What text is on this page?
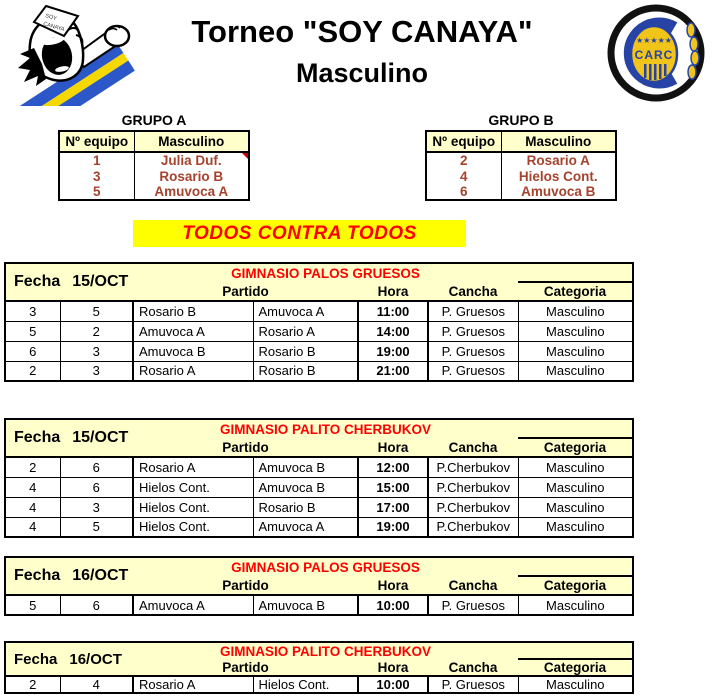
SOY
CANAYA	Torneo "SOY CANAYA"
Masculino
★★★★★
CARC
GRUPO A
Nº equipo	Masculino
1	Julia Duf.
3	Rosario B
5	Amuvoca A
GRUPO B
Nº equipo	Masculino
2	Rosario A
4	Hielos Cont.
6	Amuvoca B
TODOS CONTRA TODOS
Fecha 15/OCT		GIMNASIO PALOS GRUESOS				
		Partido		Hora	Cancha	Categoria
3	5	Rosario B	Amuvoca A	11:00	P. Gruesos	Masculino
5	2	Amuvoca A	Rosario A	14:00	P. Gruesos	Masculino
6	3	Amuvoca B	Rosario B	19:00	P. Gruesos	Masculino
2	3	Rosario A	Rosario B	21:00	P. Gruesos	Masculino
Fecha 15/OCT		GIMNASIO PALITO CHERBUKOV				
		Partido		Hora	Cancha	Categoria
2	6	Rosario A	Amuvoca B	12:00	P.Cherbukov	Masculino
4	6	Hielos Cont.	Amuvoca B	15:00	P.Cherbukov	Masculino
4	3	Hielos Cont.	Rosario B	17:00	P.Cherbukov	Masculino
4	5	Hielos Cont.	Amuvoca A	19:00	P.Cherbukov	Masculino
Fecha 16/OCT		GIMNASIO PALOS GRUESOS				
		Partido		Hora	Cancha	Categoria
5	6	Amuvoca A	Amuvoca B	10:00	P. Gruesos	Masculino
Fecha 16/OCT		GIMNASIO PALITO CHERBUKOV				
		Partido		Hora	Cancha	Categoria
2	4	Rosario A	Hielos Cont.	10:00	P. Gruesos	Masculino
